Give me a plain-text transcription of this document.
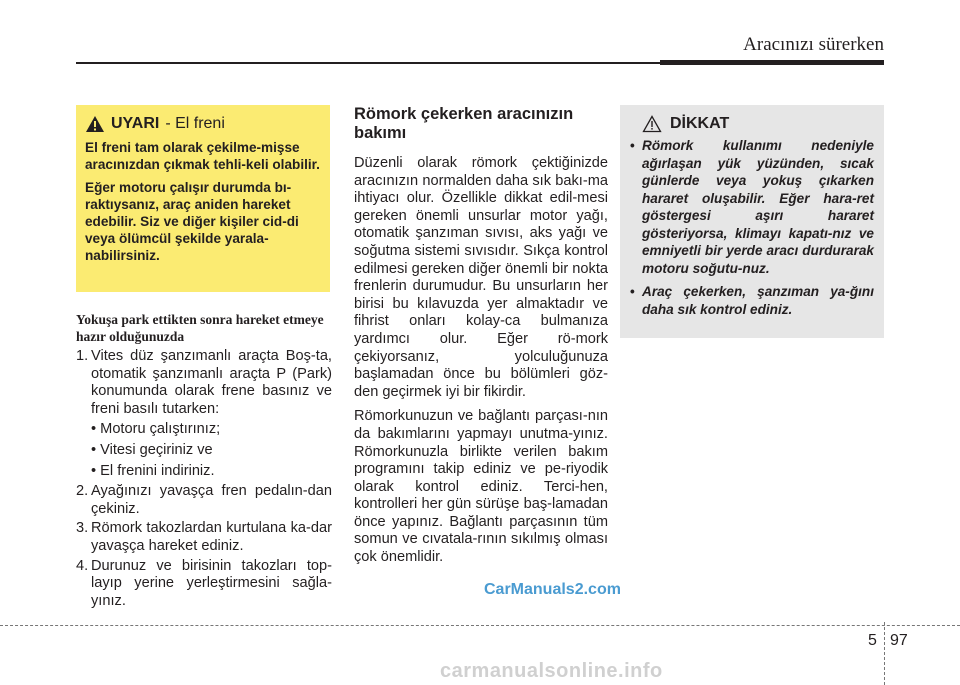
Aracınızı sürerken
UYARI - El freni

El freni tam olarak çekilme-mişse aracınızdan çıkmak tehli-keli olabilir.

Eğer motoru çalışır durumda bı-raktıysanız, araç aniden hareket edebilir. Siz ve diğer kişiler cid-di veya ölümcül şekilde yarala-nabilirsiniz.

Yokuşa park ettikten sonra hareket etmeye hazır olduğunuzda
1. Vites düz şanzımanlı araçta Boş-ta, otomatik şanzımanlı araçta P (Park) konumunda olarak frene basınız ve freni basılı tutarken:
• Motoru çalıştırınız;
• Vitesi geçiriniz ve
• El frenini indiriniz.
2. Ayağınızı yavaşça fren pedalın-dan çekiniz.
3. Römork takozlardan kurtulana ka-dar yavaşça hareket ediniz.
4. Durunuz ve birisinin takozları top-layıp yerine yerleştirmesini sağla-yınız.
Römork çekerken aracınızın bakımı

Düzenli olarak römork çektiğinizde aracınızın normalden daha sık bakı-ma ihtiyacı olur. Özellikle dikkat edil-mesi gereken önemli unsurlar motor yağı, otomatik şanzıman sıvısı, aks yağı ve soğutma sistemi sıvısıdır. Sıkça kontrol edilmesi gereken diğer önemli bir nokta frenlerin durumudur. Bu unsurların her birisi bu kılavuzda yer almaktadır ve fihrist onları kolay-ca bulmanıza yardımcı olur. Eğer rö-mork çekiyorsanız, yolculuğunuza başlamadan önce bu bölümleri göz-den geçirmek iyi bir fikirdir.

Römorkunuzun ve bağlantı parçası-nın da bakımlarını yapmayı unutma-yınız. Römorkunuzla birlikte verilen bakım programını takip ediniz ve pe-riyodik olarak kontrol ediniz. Terci-hen, kontrolleri her gün sürüşe baş-lamadan önce yapınız. Bağlantı parçasının tüm somun ve cıvatala-rının sıkılmış olması çok önemlidir.

DİKKAT
• Römork kullanımı nedeniyle ağırlaşan yük yüzünden, sıcak günlerde veya yokuş çıkarken hararet oluşabilir. Eğer hara-ret göstergesi aşırı hararet gösteriyorsa, klimayı kapatı-nız ve emniyetli bir yerde aracı durdurarak motoru soğutu-nuz.
• Araç çekerken, şanzıman ya-ğını daha sık kontrol ediniz.
CarManuals2.com
5 97
carmanualsonline.info
